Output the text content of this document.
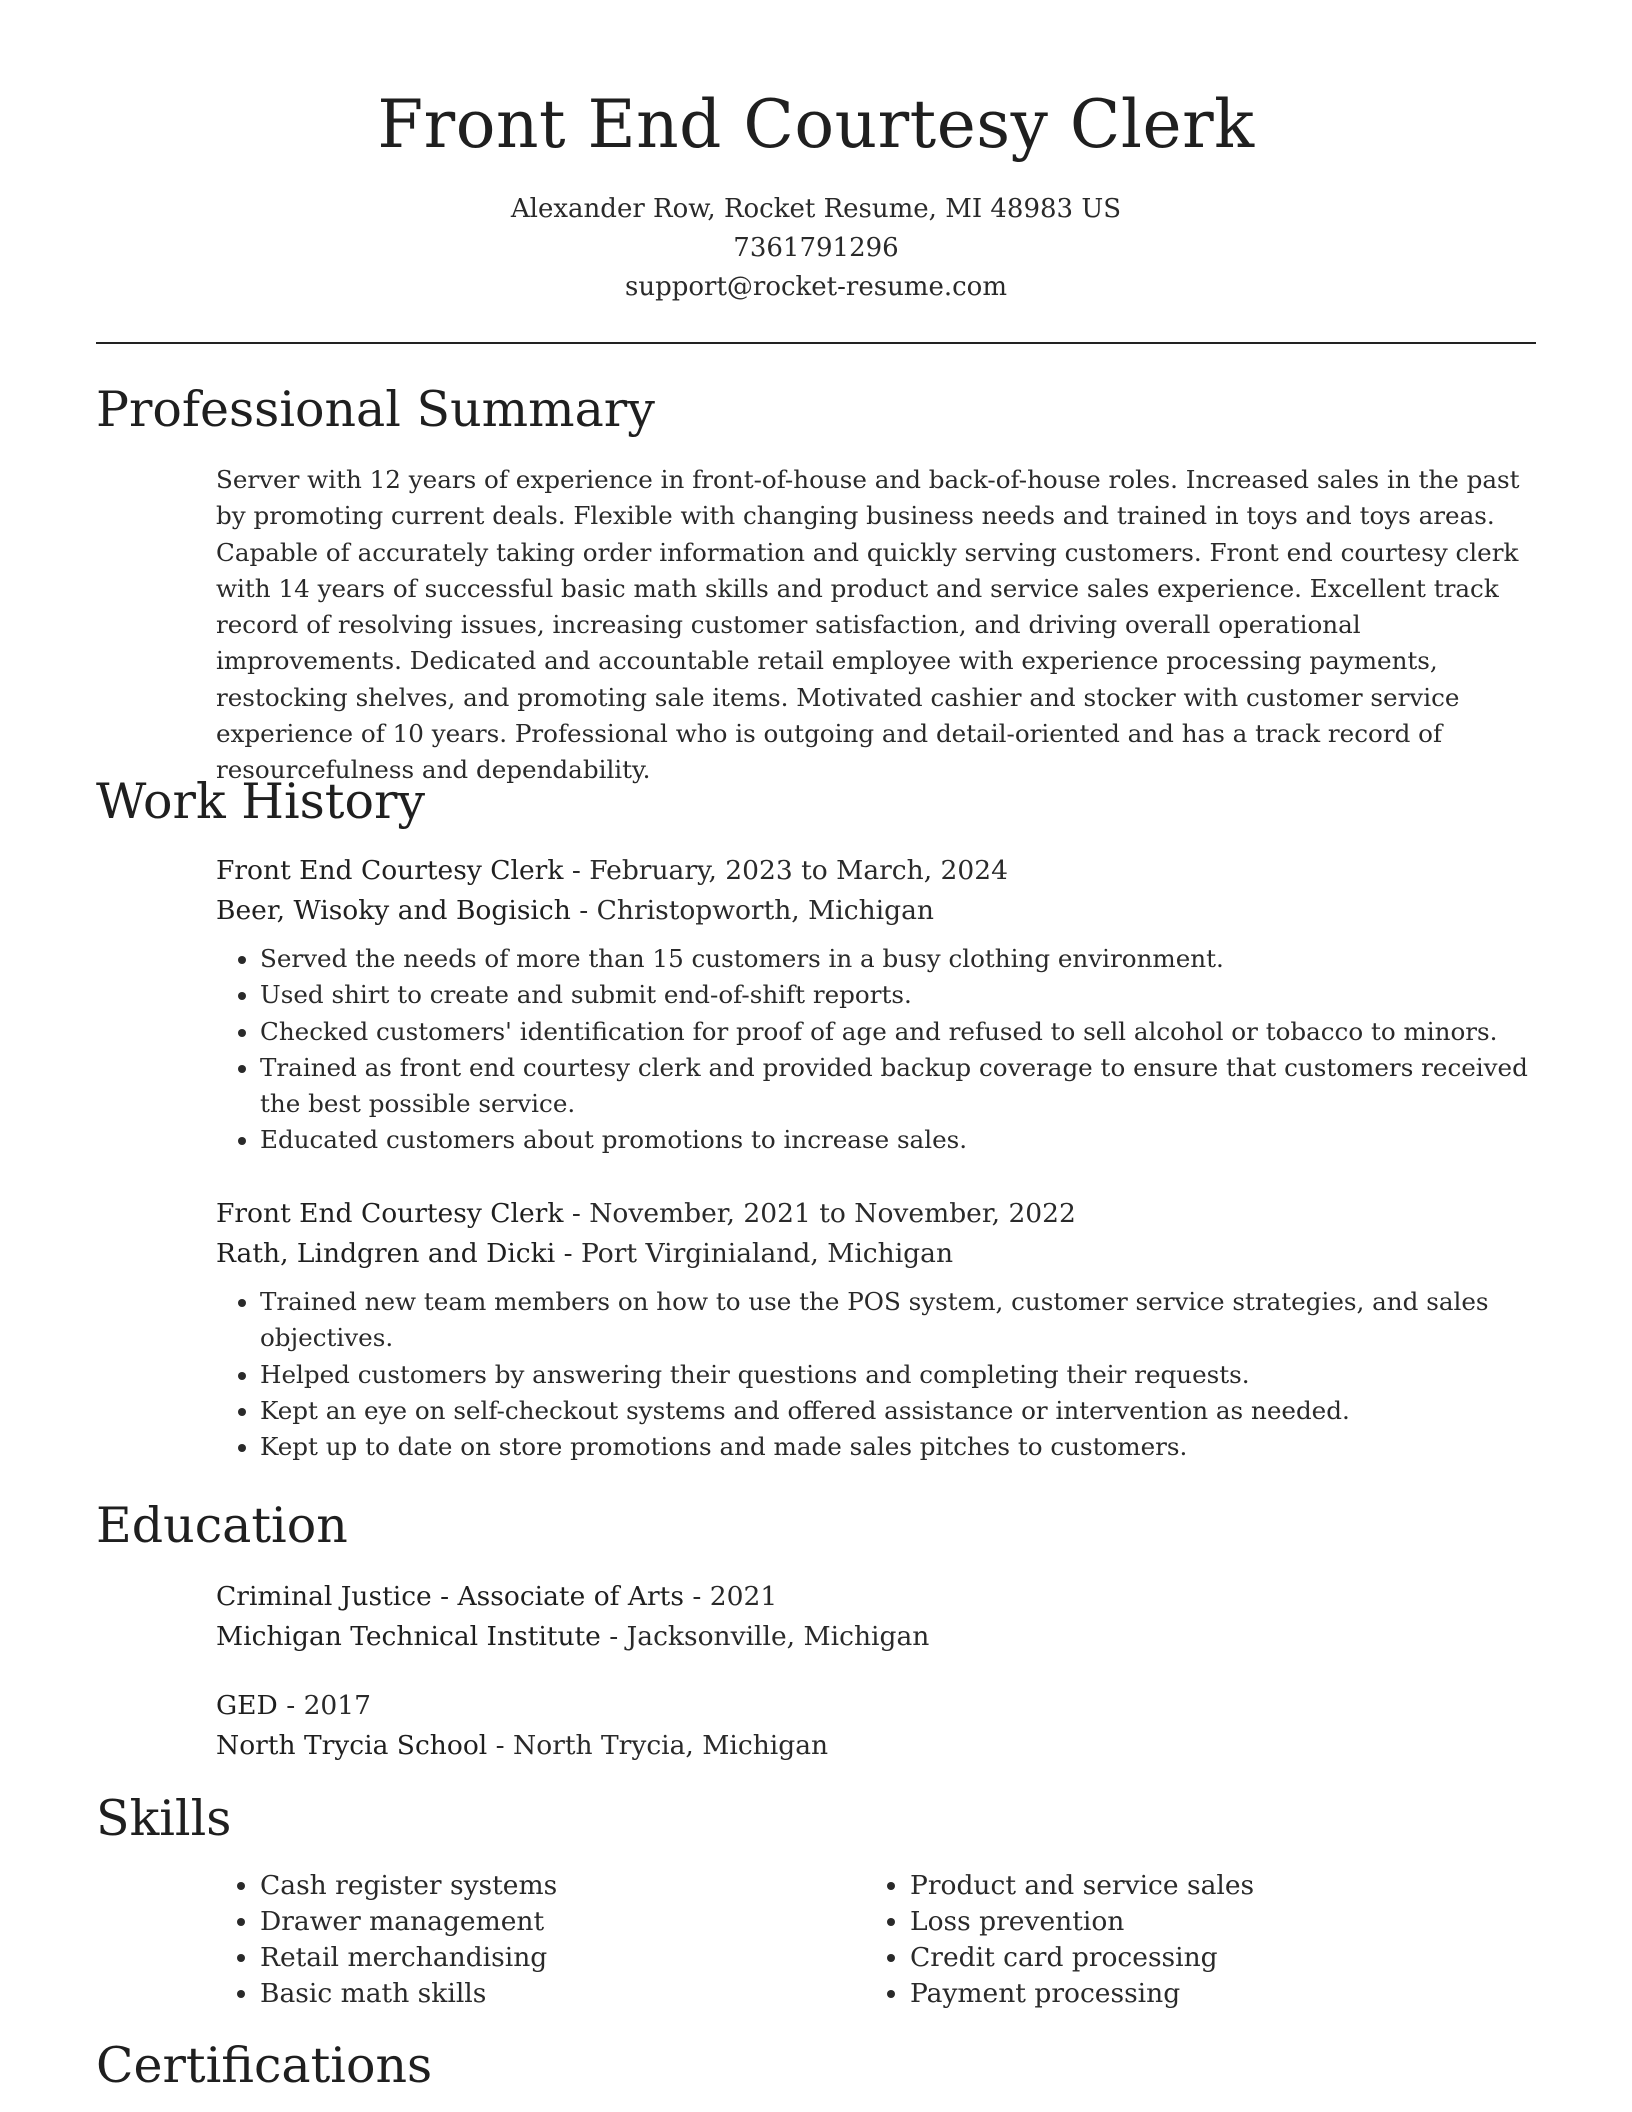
Front End Courtesy Clerk
Alexander Row, Rocket Resume, MI 48983 US
7361791296
support@rocket-resume.com
Professional Summary

Server with 12 years of experience in front-of-house and back-of-house roles. Increased sales in the past by promoting current deals. Flexible with changing business needs and trained in toys and toys areas. Capable of accurately taking order information and quickly serving customers. Front end courtesy clerk with 14 years of successful basic math skills and product and service sales experience. Excellent track record of resolving issues, increasing customer satisfaction, and driving overall operational improvements. Dedicated and accountable retail employee with experience processing payments, restocking shelves, and promoting sale items. Motivated cashier and stocker with customer service experience of 10 years. Professional who is outgoing and detail-oriented and has a track record of resourcefulness and dependability.

Work History
Front End Courtesy Clerk - February, 2023 to March, 2024
Beer, Wisoky and Bogisich - Christopworth, Michigan
• Served the needs of more than 15 customers in a busy clothing environment.
• Used shirt to create and submit end-of-shift reports.
• Checked customers' identification for proof of age and refused to sell alcohol or tobacco to minors.
• Trained as front end courtesy clerk and provided backup coverage to ensure that customers received the best possible service.
• Educated customers about promotions to increase sales.
Front End Courtesy Clerk - November, 2021 to November, 2022
Rath, Lindgren and Dicki - Port Virginialand, Michigan
• Trained new team members on how to use the POS system, customer service strategies, and sales objectives.
• Helped customers by answering their questions and completing their requests.
• Kept an eye on self-checkout systems and offered assistance or intervention as needed.
• Kept up to date on store promotions and made sales pitches to customers.
Education
Criminal Justice - Associate of Arts - 2021
Michigan Technical Institute - Jacksonville, Michigan
GED - 2017
North Trycia School - North Trycia, Michigan
Skills
• Cash register systems
• Drawer management
• Retail merchandising
• Basic math skills
• Product and service sales
• Loss prevention
• Credit card processing
• Payment processing
Certifications
